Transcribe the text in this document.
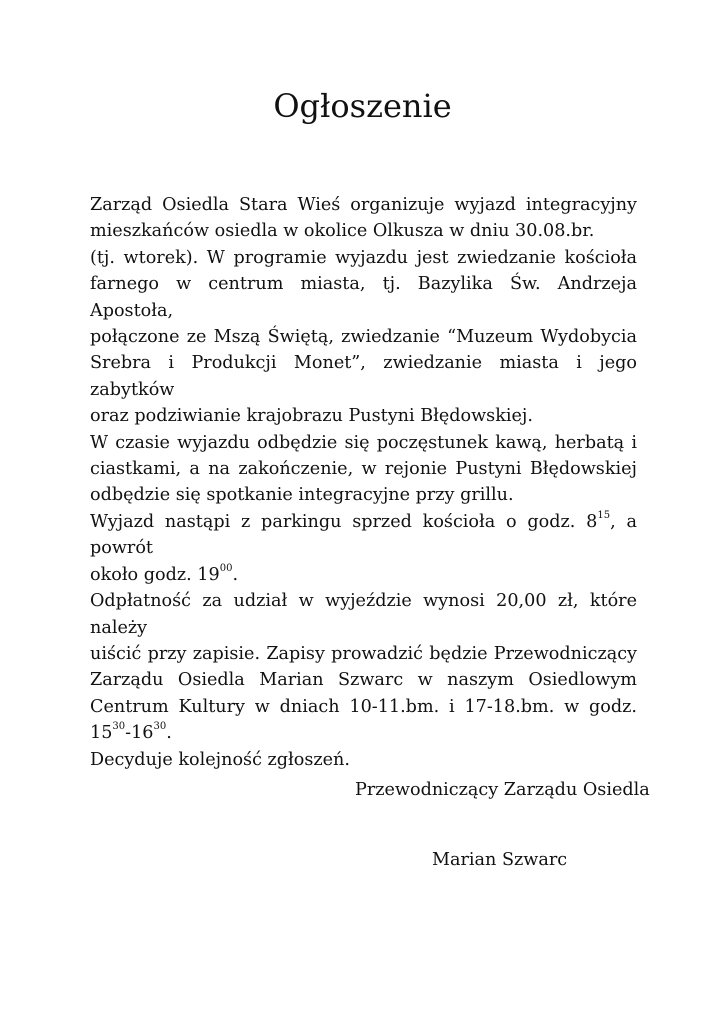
Ogłoszenie
Zarząd Osiedla Stara Wieś organizuje wyjazd integracyjny
mieszkańców osiedla w okolice Olkusza w dniu 30.08.br.
(tj. wtorek). W programie wyjazdu jest zwiedzanie kościoła
farnego w centrum miasta, tj. Bazylika Św. Andrzeja Apostoła,
połączone ze Mszą Świętą, zwiedzanie “Muzeum Wydobycia
Srebra i Produkcji Monet”, zwiedzanie miasta i jego zabytków
oraz podziwianie krajobrazu Pustyni Błędowskiej.
W czasie wyjazdu odbędzie się poczęstunek kawą, herbatą i
ciastkami, a na zakończenie, w rejonie Pustyni Błędowskiej
odbędzie się spotkanie integracyjne przy grillu.
Wyjazd nastąpi z parkingu sprzed kościoła o godz. $8^{15}$, a powrót
około godz. $19^{00}$.
Odpłatność za udział w wyjeździe wynosi 20,00 zł, które należy
uiścić przy zapisie. Zapisy prowadzić będzie Przewodniczący
Zarządu Osiedla Marian Szwarc w naszym Osiedlowym
Centrum Kultury w dniach 10-11.bm. i 17-18.bm. w godz.
$15^{30}-16^{30}$.
Decyduje kolejność zgłoszeń.

Przewodniczący Zarządu Osiedla

Marian Szwarc
